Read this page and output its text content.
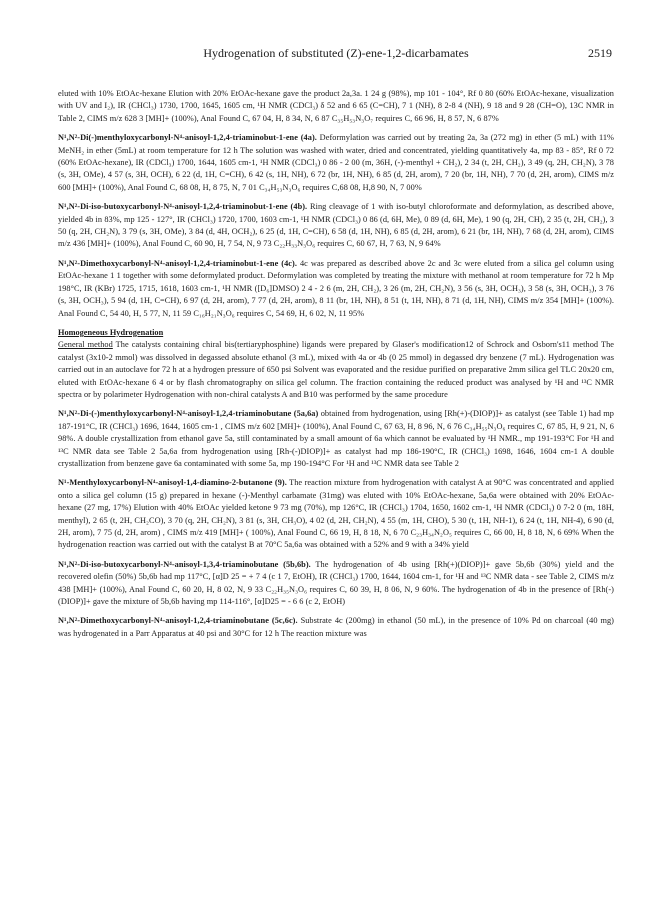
Hydrogenation of substituted (Z)-ene-1,2-dicarbamates	2519

eluted with 10% EtOAc-hexane Elution with 20% EtOAc-hexane gave the product 2a,3a. 1 24 g (98%), mp 101 - 104°, Rf 0 80 (60% EtOAc-hexane, visualization with UV and I₂), IR (CHCl₃) 1730, 1700, 1645, 1605 cm, ¹H NMR (CDCl₃) δ 52 and 6 65 (C=CH), 7 1 (NH), 8 2-8 4 (NH), 9 18 and 9 28 (CH=O), 13C NMR in Table 2, CIMS m/z 628 3 [MH]+ (100%), Anal Found C, 67 04, H, 8 34, N, 6 87 C₃₅H₅₃N₃O₇ requires C, 66 96, H, 8 57, N, 6 87%

N¹,N²-Di(-)menthyloxycarbonyl-N⁴-anisoyl-1,2,4-triaminobut-1-ene (4a). Deformylation was carried out by treating 2a, 3a (272 mg) in ether (5 mL) with 11% MeNH₂ in ether (5mL) at room temperature for 12 h The solution was washed with water, dried and concentrated, yielding quantitatively 4a, mp 83 - 85°, Rf 0 72 (60% EtOAc-hexane), IR (CDCl₃) 1700, 1644, 1605 cm-1, ¹H NMR (CDCl₃) 0 86 - 2 00 (m, 36H, (-)-menthyl + CH₂), 2 34 (t, 2H, CH₂), 3 49 (q, 2H, CH₂N), 3 78 (s, 3H, OMe), 4 57 (s, 3H, OCH), 6 22 (d, 1H, C=CH), 6 42 (s, 1H, NH), 6 72 (br, 1H, NH), 6 85 (d, 2H, arom), 7 20 (br, 1H, NH), 7 70 (d, 2H, arom), CIMS m/z 600 [MH]+ (100%), Anal Found C, 68 08, H, 8 75, N, 7 01 C₃₄H₅₃N₃O₆ requires C,68 08, H,8 90, N, 7 00%

N¹,N²-Di-iso-butoxycarbonyl-N⁴-anisoyl-1,2,4-triaminobut-1-ene (4b). Ring cleavage of 1 with iso-butyl chloroformate and deformylation, as described above, yielded 4b in 83%, mp 125 - 127°, IR (CHCl₃) 1720, 1700, 1603 cm-1, ¹H NMR (CDCl₃) 0 86 (d, 6H, Me), 0 89 (d, 6H, Me), 1 90 (q, 2H, CH), 2 35 (t, 2H, CH₂), 3 50 (q, 2H, CH₂N), 3 79 (s, 3H, OMe), 3 84 (d, 4H, OCH₂), 6 25 (d, 1H, C=CH), 6 58 (d, 1H, NH), 6 85 (d, 2H, arom), 6 21 (br, 1H, NH), 7 68 (d, 2H, arom), CIMS m/z 436 [MH]+ (100%), Anal Found C, 60 90, H, 7 54, N, 9 73 C₂₂H₃₃N₃O₆ requires C, 60 67, H, 7 63, N, 9 64%

N¹,N²-Dimethoxycarbonyl-N⁴-anisoyl-1,2,4-triaminobut-1-ene (4c). 4c was prepared as described above 2c and 3c were eluted from a silica gel column using EtOAc-hexane 1 1 together with some deformylated product. Deformylation was completed by treating the mixture with methanol at room temperature for 72 h Mp 198°C, IR (KBr) 1725, 1715, 1618, 1603 cm-1, ¹H NMR ([D₆]DMSO) 2 4 - 2 6 (m, 2H, CH₂), 3 26 (m, 2H, CH₂N), 3 56 (s, 3H, OCH₃), 3 58 (s, 3H, OCH₃), 3 76 (s, 3H, OCH₃), 5 94 (d, 1H, C=CH), 6 97 (d, 2H, arom), 7 77 (d, 2H, arom), 8 11 (br, 1H, NH), 8 51 (t, 1H, NH), 8 71 (d, 1H, NH), CIMS m/z 354 [MH]+ (100%). Anal Found C, 54 40, H, 5 77, N, 11 59 C₁₆H₂₁N₃O₆ requires C, 54 69, H, 6 02, N, 11 95%

Homogeneous Hydrogenation

General method The catalysts containing chiral bis(tertiaryphosphine) ligands were prepared by Glaser's modification12 of Schrock and Osborn's11 method The catalyst (3x10-2 mmol) was dissolved in degassed absolute ethanol (3 mL), mixed with 4a or 4b (0 25 mmol) in degassed dry benzene (7 mL). Hydrogenation was carried out in an autoclave for 72 h at a hydrogen pressure of 650 psi Solvent was evaporated and the residue purified on preparative 2mm silica gel TLC 20x20 cm, eluted with EtOAc-hexane 6 4 or by flash chromatography on silica gel column. The fraction containing the reduced product was analysed by ¹H and ¹³C NMR spectra or by polarimeter Hydrogenation with non-chiral catalysts A and B10 was performed by the same procedure

N¹,N²-Di-(-)menthyloxycarbonyl-N⁴-anisoyl-1,2,4-triaminobutane (5a,6a) obtained from hydrogenation, using [Rh(+)-(DIOP)]+ as catalyst (see Table 1) had mp 187-191°C, IR (CHCl₃) 1696, 1644, 1605 cm-1 , CIMS m/z 602 [MH]+ (100%), Anal Found C, 67 63, H, 8 96, N, 6 76 C₃₄H₅₅N₃O₆ requires C, 67 85, H, 9 21, N, 6 98%. A double crystallization from ethanol gave 5a, still contaminated by a small amount of 6a which cannot be evaluated by ¹H NMR., mp 191-193°C For ¹H and ¹³C NMR data see Table 2 5a,6a from hydrogenation using [Rh-(-)DIOP)]+ as catalyst had mp 186-190°C, IR (CHCl₃) 1698, 1646, 1604 cm-1 A double crystallization from benzene gave 6a contaminated with some 5a, mp 190-194°C For ¹H and ¹³C NMR data see Table 2

N¹-Menthyloxycarbonyl-N⁴-anisoyl-1,4-diamino-2-butanone (9). The reaction mixture from hydrogenation with catalyst A at 90°C was concentrated and applied onto a silica gel column (15 g) prepared in hexane (-)-Menthyl carbamate (31mg) was eluted with 10% EtOAc-hexane, 5a,6a were obtained with 20% EtOAc-hexane (27 mg, 17%) Elution with 40% EtOAc yielded ketone 9 73 mg (70%), mp 126°C, IR (CHCl₃) 1704, 1650, 1602 cm-1, ¹H NMR (CDCl₃) 0 7-2 0 (m, 18H, menthyl), 2 65 (t, 2H, CH₂CO), 3 70 (q, 2H, CH₂N), 3 81 (s, 3H, CH₃O), 4 02 (d, 2H, CH₂N), 4 55 (m, 1H, CHO), 5 30 (t, 1H, NH-1), 6 24 (t, 1H, NH-4), 6 90 (d, 2H, arom), 7 75 (d, 2H, arom) , CIMS m/z 419 [MH]+ ( 100%), Anal Found C, 66 19, H, 8 18, N, 6 70 C₂₃H₃₄N₂O₅ requires C, 66 00, H, 8 18, N, 6 69% When the hydrogenation reaction was carried out with the catalyst B at 70°C 5a,6a was obtained with a 52% and 9 with a 34% yield

N¹,N²-Di-iso-butoxycarbonyl-N⁴-anisoyl-1,3,4-triaminobutane (5b,6b). The hydrogenation of 4b using [Rh(+)(DIOP)]+ gave 5b,6b (30%) yield and the recovered olefin (50%) 5b,6b had mp 117°C, [α]D 25 = + 7 4 (c 1 7, EtOH), IR (CHCl₃) 1700, 1644, 1604 cm-1, for ¹H and ¹³C NMR data - see Table 2, CIMS m/z 438 [MH]+ (100%), Anal Found C, 60 20, H, 8 02, N, 9 33 C₂₂H₃₅N₃O₆ requires C, 60 39, H, 8 06, N, 9 60%. The hydrogenation of 4b in the presence of [Rh(-)(DIOP)]+ gave the mixture of 5b,6b having mp 114-116°, [α]D25 = - 6 6 (c 2, EtOH)

N¹,N²-Dimethoxycarbonyl-N⁴-anisoyl-1,2,4-triaminobutane (5c,6c). Substrate 4c (200mg) in ethanol (50 mL), in the presence of 10% Pd on charcoal (40 mg) was hydrogenated in a Parr Apparatus at 40 psi and 30°C for 12 h The reaction mixture was
